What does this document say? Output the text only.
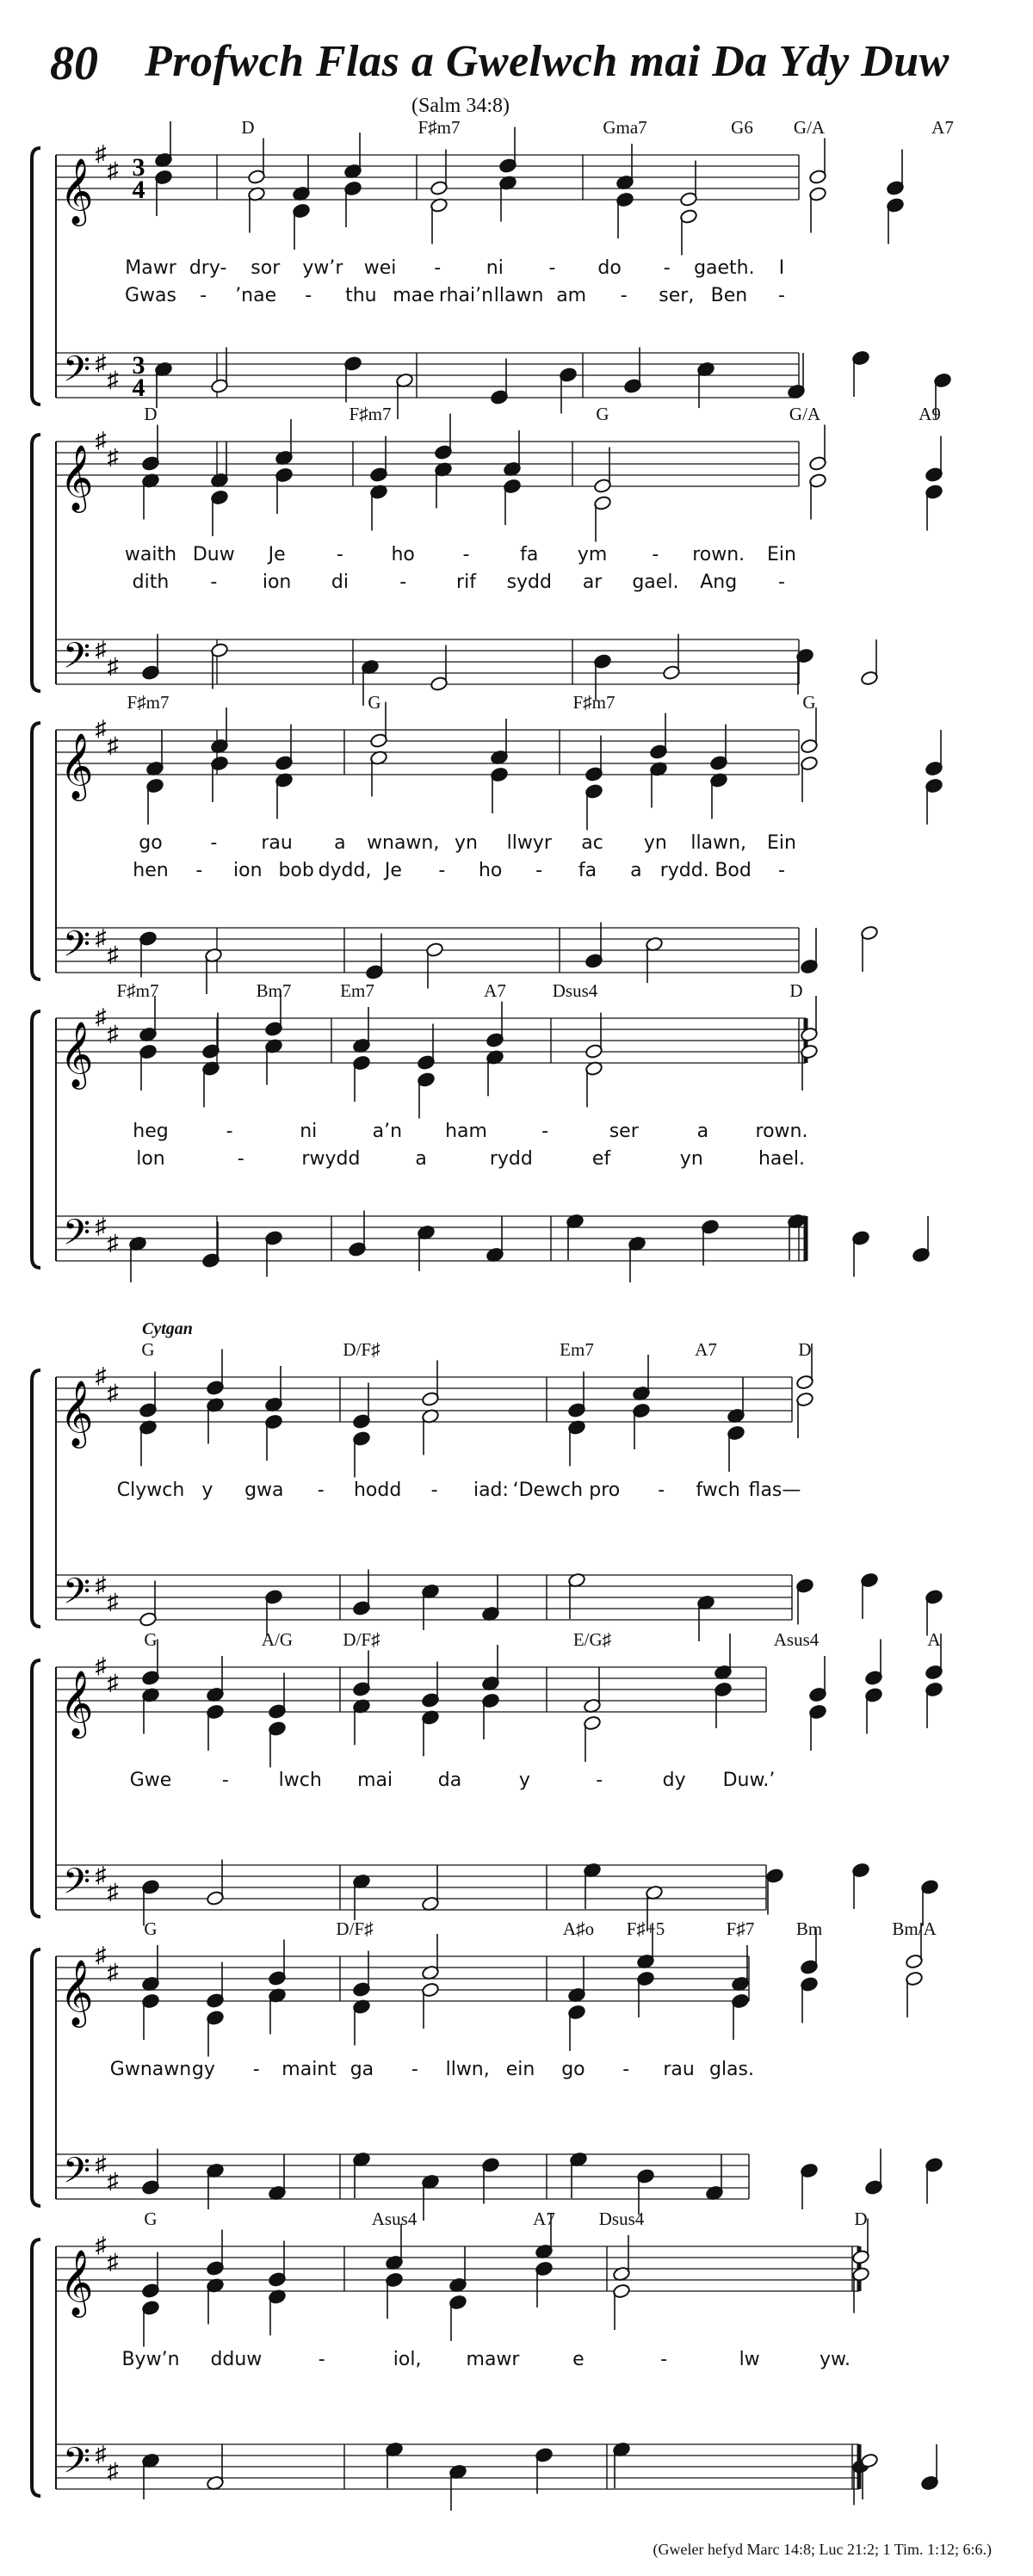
80 Profwch Flas a Gwelwch mai Da Ydy Duw
(Salm 34:8)
𝄞
♯
♯
𝄢 ♯
♯
3
4
3
4
D	F♯m7	Gma7	G6 G/A	A7
Mawr dry- sor yw’r wei - ni - do - gaeth. I
Gwas - ’nae - thu mae rhai’n llawn am - ser, Ben -
𝄞
♯
♯
𝄢 ♯
♯
D	F♯m7	G	G/A	A9
waith Duw Je	-	ho	-	fa ym - rown. Ein
dith - ion di	-	rif sydd ar gael. Ang -
𝄞
♯
♯
𝄢 ♯
♯
F♯m7	G	F♯m7	G
go	- rau a wnawn, yn llwyr ac yn llawn, Ein
hen - ion bob dydd, Je - ho - fa a rydd. Bod -
𝄞
♯
♯
𝄢 ♯
♯
F♯m7	Bm7	Em7	A7	Dsus4	D
heg	-	ni	a’n ham	-	ser	a rown.
lon	-	rwydd	a	rydd	ef	yn	hael.
𝄞
♯
♯
𝄢 ♯
♯
Cytgan
G	D/F♯	Em7	A7	D
Clywch y gwa - hodd - iad: ‘Dewch pro - fwch flas—
𝄞
♯
♯
𝄢 ♯
♯
G	A/G	D/F♯	E/G♯	Asus4	A
Gwe	-	lwch mai da	y	-	dy Duw.’
𝄞
♯
♯
𝄢 ♯
♯
G	D/F♯	A♯o F♯+5	F♯7 Bm	Bm/A
Gwnawn gy - maint ga - llwn, ein go - rau glas.
𝄞
♯
♯
𝄢 ♯
♯
G	Asus4	A7 Dsus4	D
Byw’n dduw	-	iol, mawr	e	-	lw	yw.
(Gweler hefyd Marc 14:8; Luc 21:2; 1 Tim. 1:12; 6:6.)
